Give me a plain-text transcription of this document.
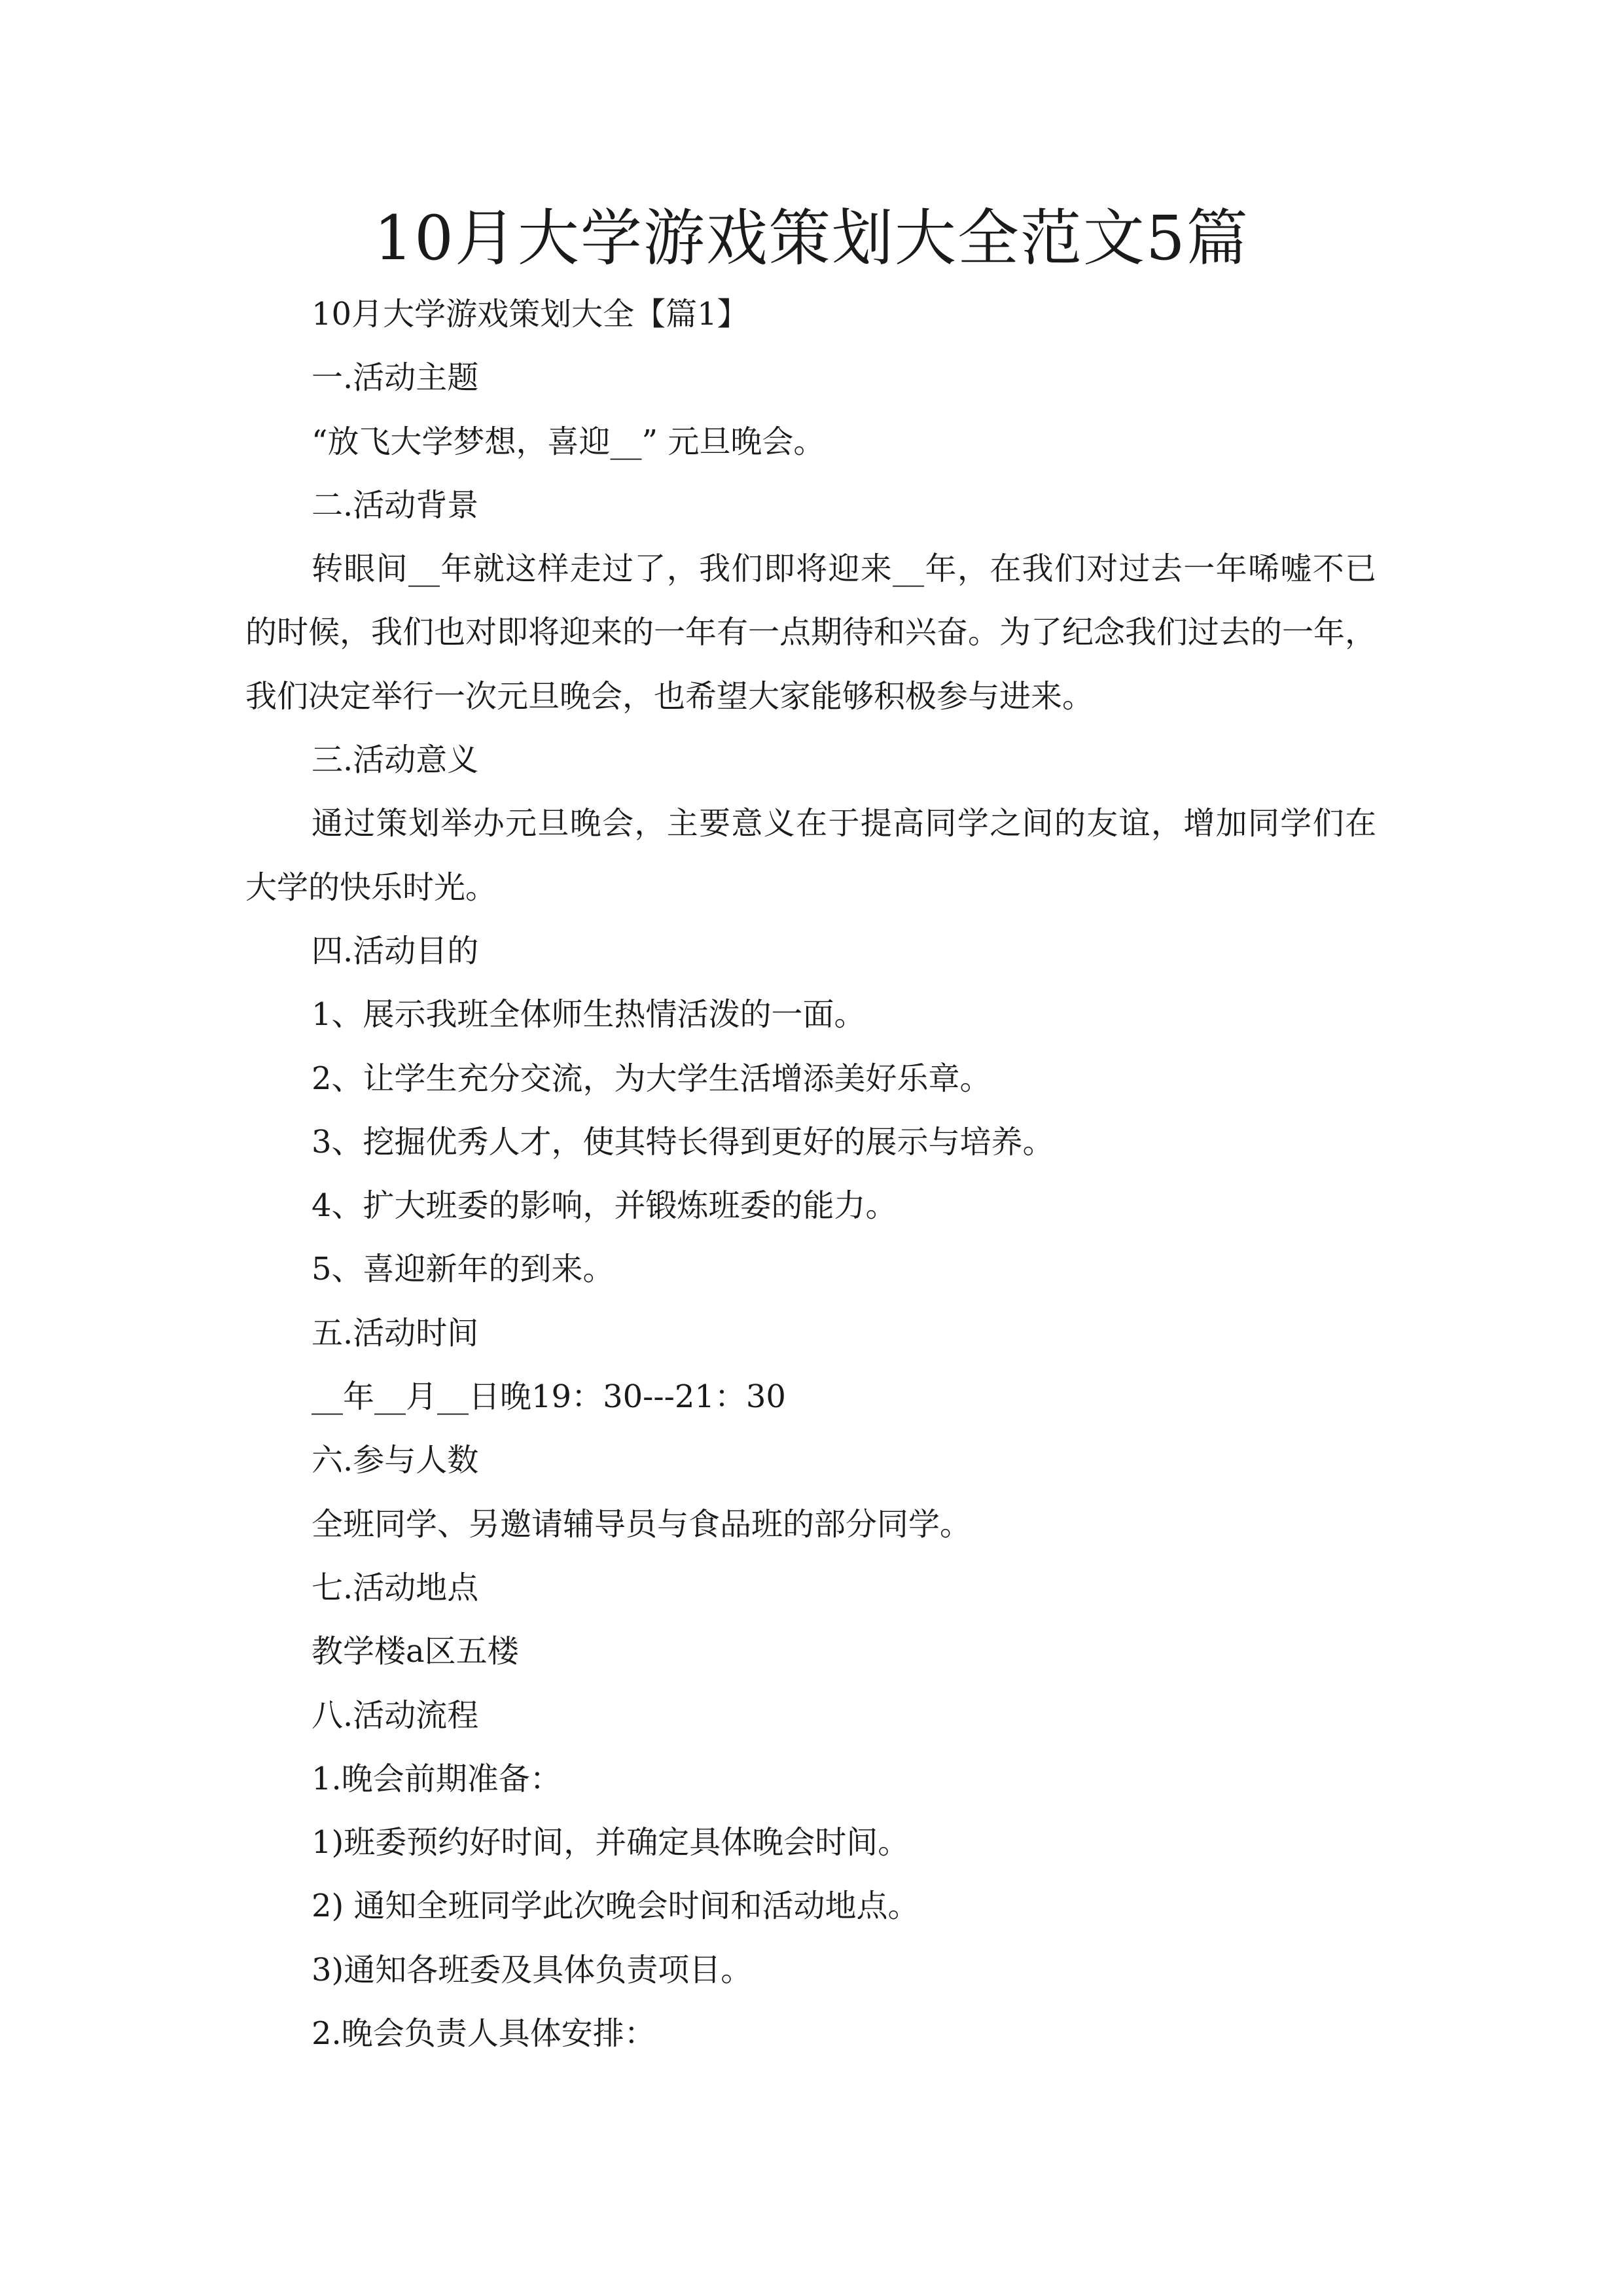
10月大学游戏策划大全范文5篇

10月大学游戏策划大全【篇1】

一.活动主题

“放飞大学梦想，喜迎__” 元旦晚会。

二.活动背景

转眼间__年就这样走过了，我们即将迎来__年，在我们对过去一年唏嘘不已的时候，我们也对即将迎来的一年有一点期待和兴奋。为了纪念我们过去的一年，我们决定举行一次元旦晚会，也希望大家能够积极参与进来。

三.活动意义

通过策划举办元旦晚会，主要意义在于提高同学之间的友谊，增加同学们在大学的快乐时光。

四.活动目的

1、展示我班全体师生热情活泼的一面。

2、让学生充分交流，为大学生活增添美好乐章。

3、挖掘优秀人才，使其特长得到更好的展示与培养。

4、扩大班委的影响，并锻炼班委的能力。

5、喜迎新年的到来。

五.活动时间

__年__月__日晚19：30---21：30

六.参与人数

全班同学、另邀请辅导员与食品班的部分同学。

七.活动地点

教学楼a区五楼

八.活动流程

1.晚会前期准备：

1)班委预约好时间，并确定具体晚会时间。

2) 通知全班同学此次晚会时间和活动地点。

3)通知各班委及具体负责项目。

2.晚会负责人具体安排：
